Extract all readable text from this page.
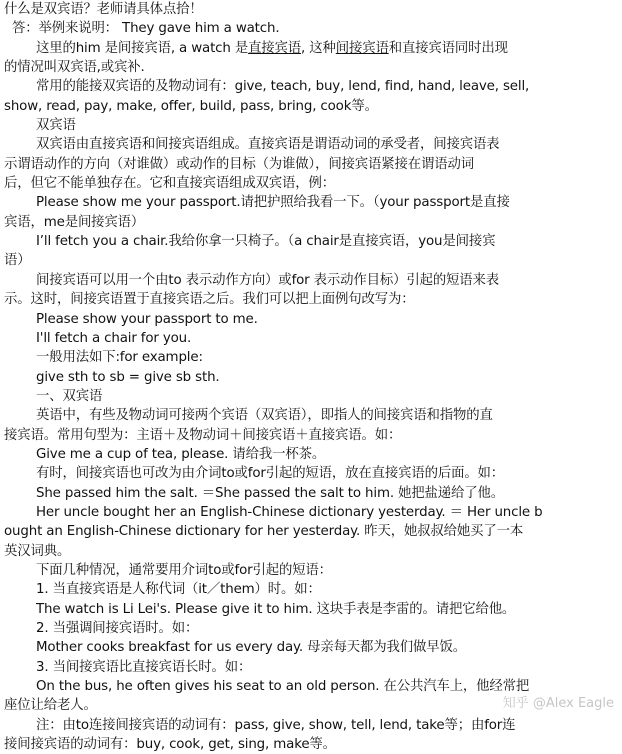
什么是双宾语？老师请具体点拾！
答：举例来说明： They gave him a watch.
这里的him 是间接宾语, a watch 是直接宾语, 这种间接宾语和直接宾语同时出现
的情况叫双宾语,或宾补.
常用的能接双宾语的及物动词有：give, teach, buy, lend, find, hand, leave, sell,
show, read, pay, make, offer, build, pass, bring, cook等。
双宾语
双宾语由直接宾语和间接宾语组成。直接宾语是谓语动词的承受者，间接宾语表
示谓语动作的方向（对谁做）或动作的目标（为谁做），间接宾语紧接在谓语动词
后，但它不能单独存在。它和直接宾语组成双宾语，例：
Please show me your passport.请把护照给我看一下。（your passport是直接
宾语，me是间接宾语）
I’ll fetch you a chair.我给你拿一只椅子。（a chair是直接宾语，you是间接宾
语）
间接宾语可以用一个由to 表示动作方向）或for 表示动作目标）引起的短语来表
示。这时，间接宾语置于直接宾语之后。我们可以把上面例句改写为：
Please show your passport to me.
I'll fetch a chair for you.
一般用法如下:for example:
give sth to sb = give sb sth.
一、双宾语
英语中，有些及物动词可接两个宾语（双宾语），即指人的间接宾语和指物的直
接宾语。常用句型为：主语＋及物动词＋间接宾语＋直接宾语。如：
Give me a cup of tea, please. 请给我一杯茶。
有时，间接宾语也可改为由介词to或for引起的短语，放在直接宾语的后面。如：
She passed him the salt. ＝She passed the salt to him. 她把盐递给了他。
Her uncle bought her an English-Chinese dictionary yesterday. ＝ Her uncle b
ought an English-Chinese dictionary for her yesterday. 昨天，她叔叔给她买了一本
英汉词典。
下面几种情况，通常要用介词to或for引起的短语：
1. 当直接宾语是人称代词（it／them）时。如：
The watch is Li Lei's. Please give it to him. 这块手表是李雷的。请把它给他。
2. 当强调间接宾语时。如：
Mother cooks breakfast for us every day. 母亲每天都为我们做早饭。
3. 当间接宾语比直接宾语长时。如：
On the bus, he often gives his seat to an old person. 在公共汽车上，他经常把
座位让给老人。
注：由to连接间接宾语的动词有：pass, give, show, tell, lend, take等；由for连
接间接宾语的动词有：buy, cook, get, sing, make等。
知乎 @Alex Eagle
